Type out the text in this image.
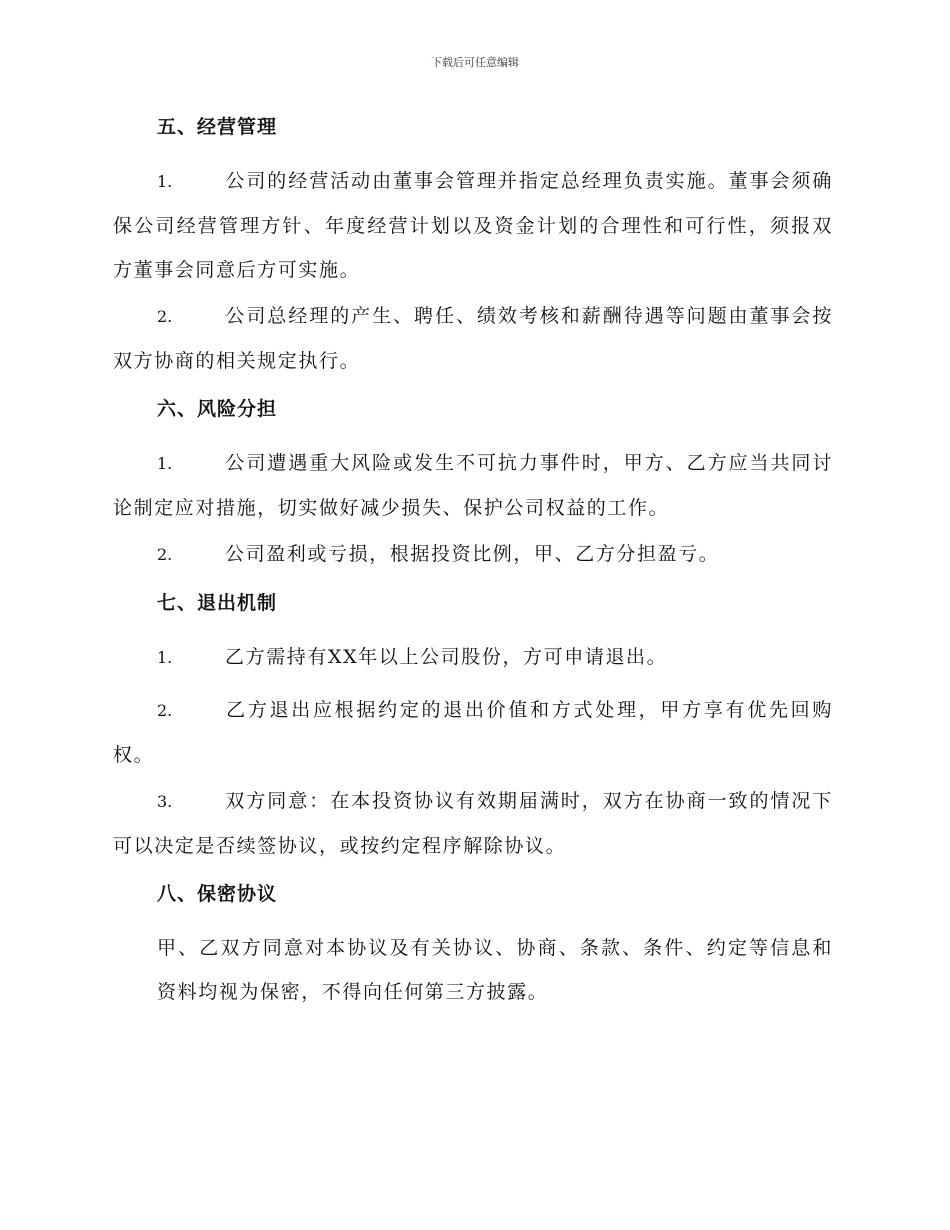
下载后可任意编辑
五、经营管理
1.	公司的经营活动由董事会管理并指定总经理负责实施。董事会须确保公司经营管理方针、年度经营计划以及资金计划的合理性和可行性，须报双方董事会同意后方可实施。
2.	公司总经理的产生、聘任、绩效考核和薪酬待遇等问题由董事会按双方协商的相关规定执行。
六、风险分担
1.	公司遭遇重大风险或发生不可抗力事件时，甲方、乙方应当共同讨论制定应对措施，切实做好减少损失、保护公司权益的工作。
2.	公司盈利或亏损，根据投资比例，甲、乙方分担盈亏。
七、退出机制
1.	乙方需持有XX年以上公司股份，方可申请退出。
2.	乙方退出应根据约定的退出价值和方式处理，甲方享有优先回购权。
3.	双方同意：在本投资协议有效期届满时，双方在协商一致的情况下可以决定是否续签协议，或按约定程序解除协议。
八、保密协议
甲、乙双方同意对本协议及有关协议、协商、条款、条件、约定等信息和资料均视为保密，不得向任何第三方披露。
